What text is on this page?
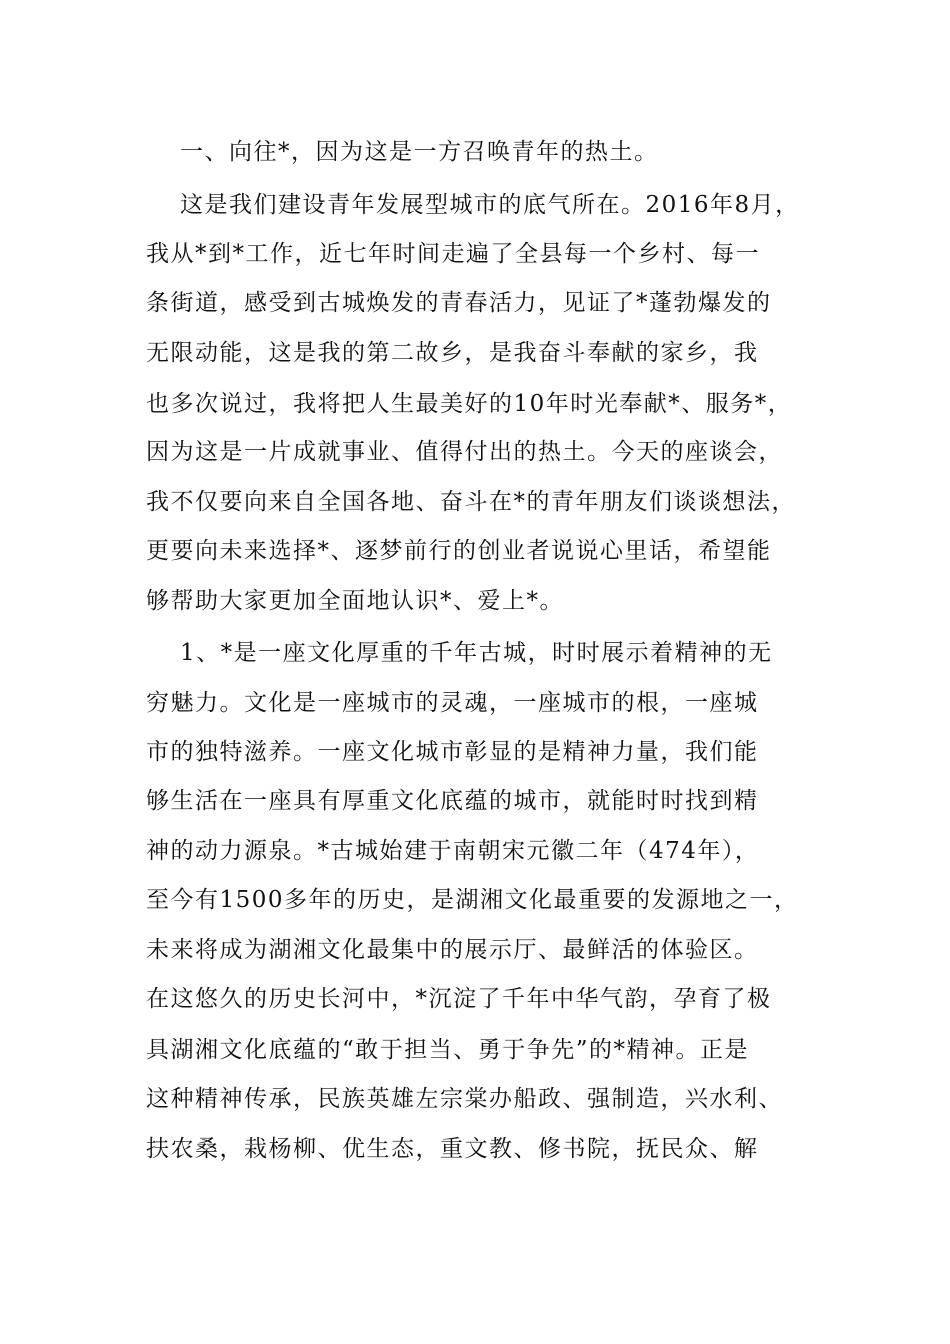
一、向往*，因为这是一方召唤青年的热土。
这是我们建设青年发展型城市的底气所在。2016年8月，
我从*到*工作，近七年时间走遍了全县每一个乡村、每一
条街道，感受到古城焕发的青春活力，见证了*蓬勃爆发的
无限动能，这是我的第二故乡，是我奋斗奉献的家乡，我
也多次说过，我将把人生最美好的10年时光奉献*、服务*，
因为这是一片成就事业、值得付出的热土。今天的座谈会，
我不仅要向来自全国各地、奋斗在*的青年朋友们谈谈想法，
更要向未来选择*、逐梦前行的创业者说说心里话，希望能
够帮助大家更加全面地认识*、爱上*。
1、*是一座文化厚重的千年古城，时时展示着精神的无
穷魅力。文化是一座城市的灵魂，一座城市的根，一座城
市的独特滋养。一座文化城市彰显的是精神力量，我们能
够生活在一座具有厚重文化底蕴的城市，就能时时找到精
神的动力源泉。*古城始建于南朝宋元徽二年（474年），
至今有1500多年的历史，是湖湘文化最重要的发源地之一，
未来将成为湖湘文化最集中的展示厅、最鲜活的体验区。
在这悠久的历史长河中，*沉淀了千年中华气韵，孕育了极
具湖湘文化底蕴的“敢于担当、勇于争先”的*精神。正是
这种精神传承，民族英雄左宗棠办船政、强制造，兴水利、
扶农桑，栽杨柳、优生态，重文教、修书院，抚民众、解
